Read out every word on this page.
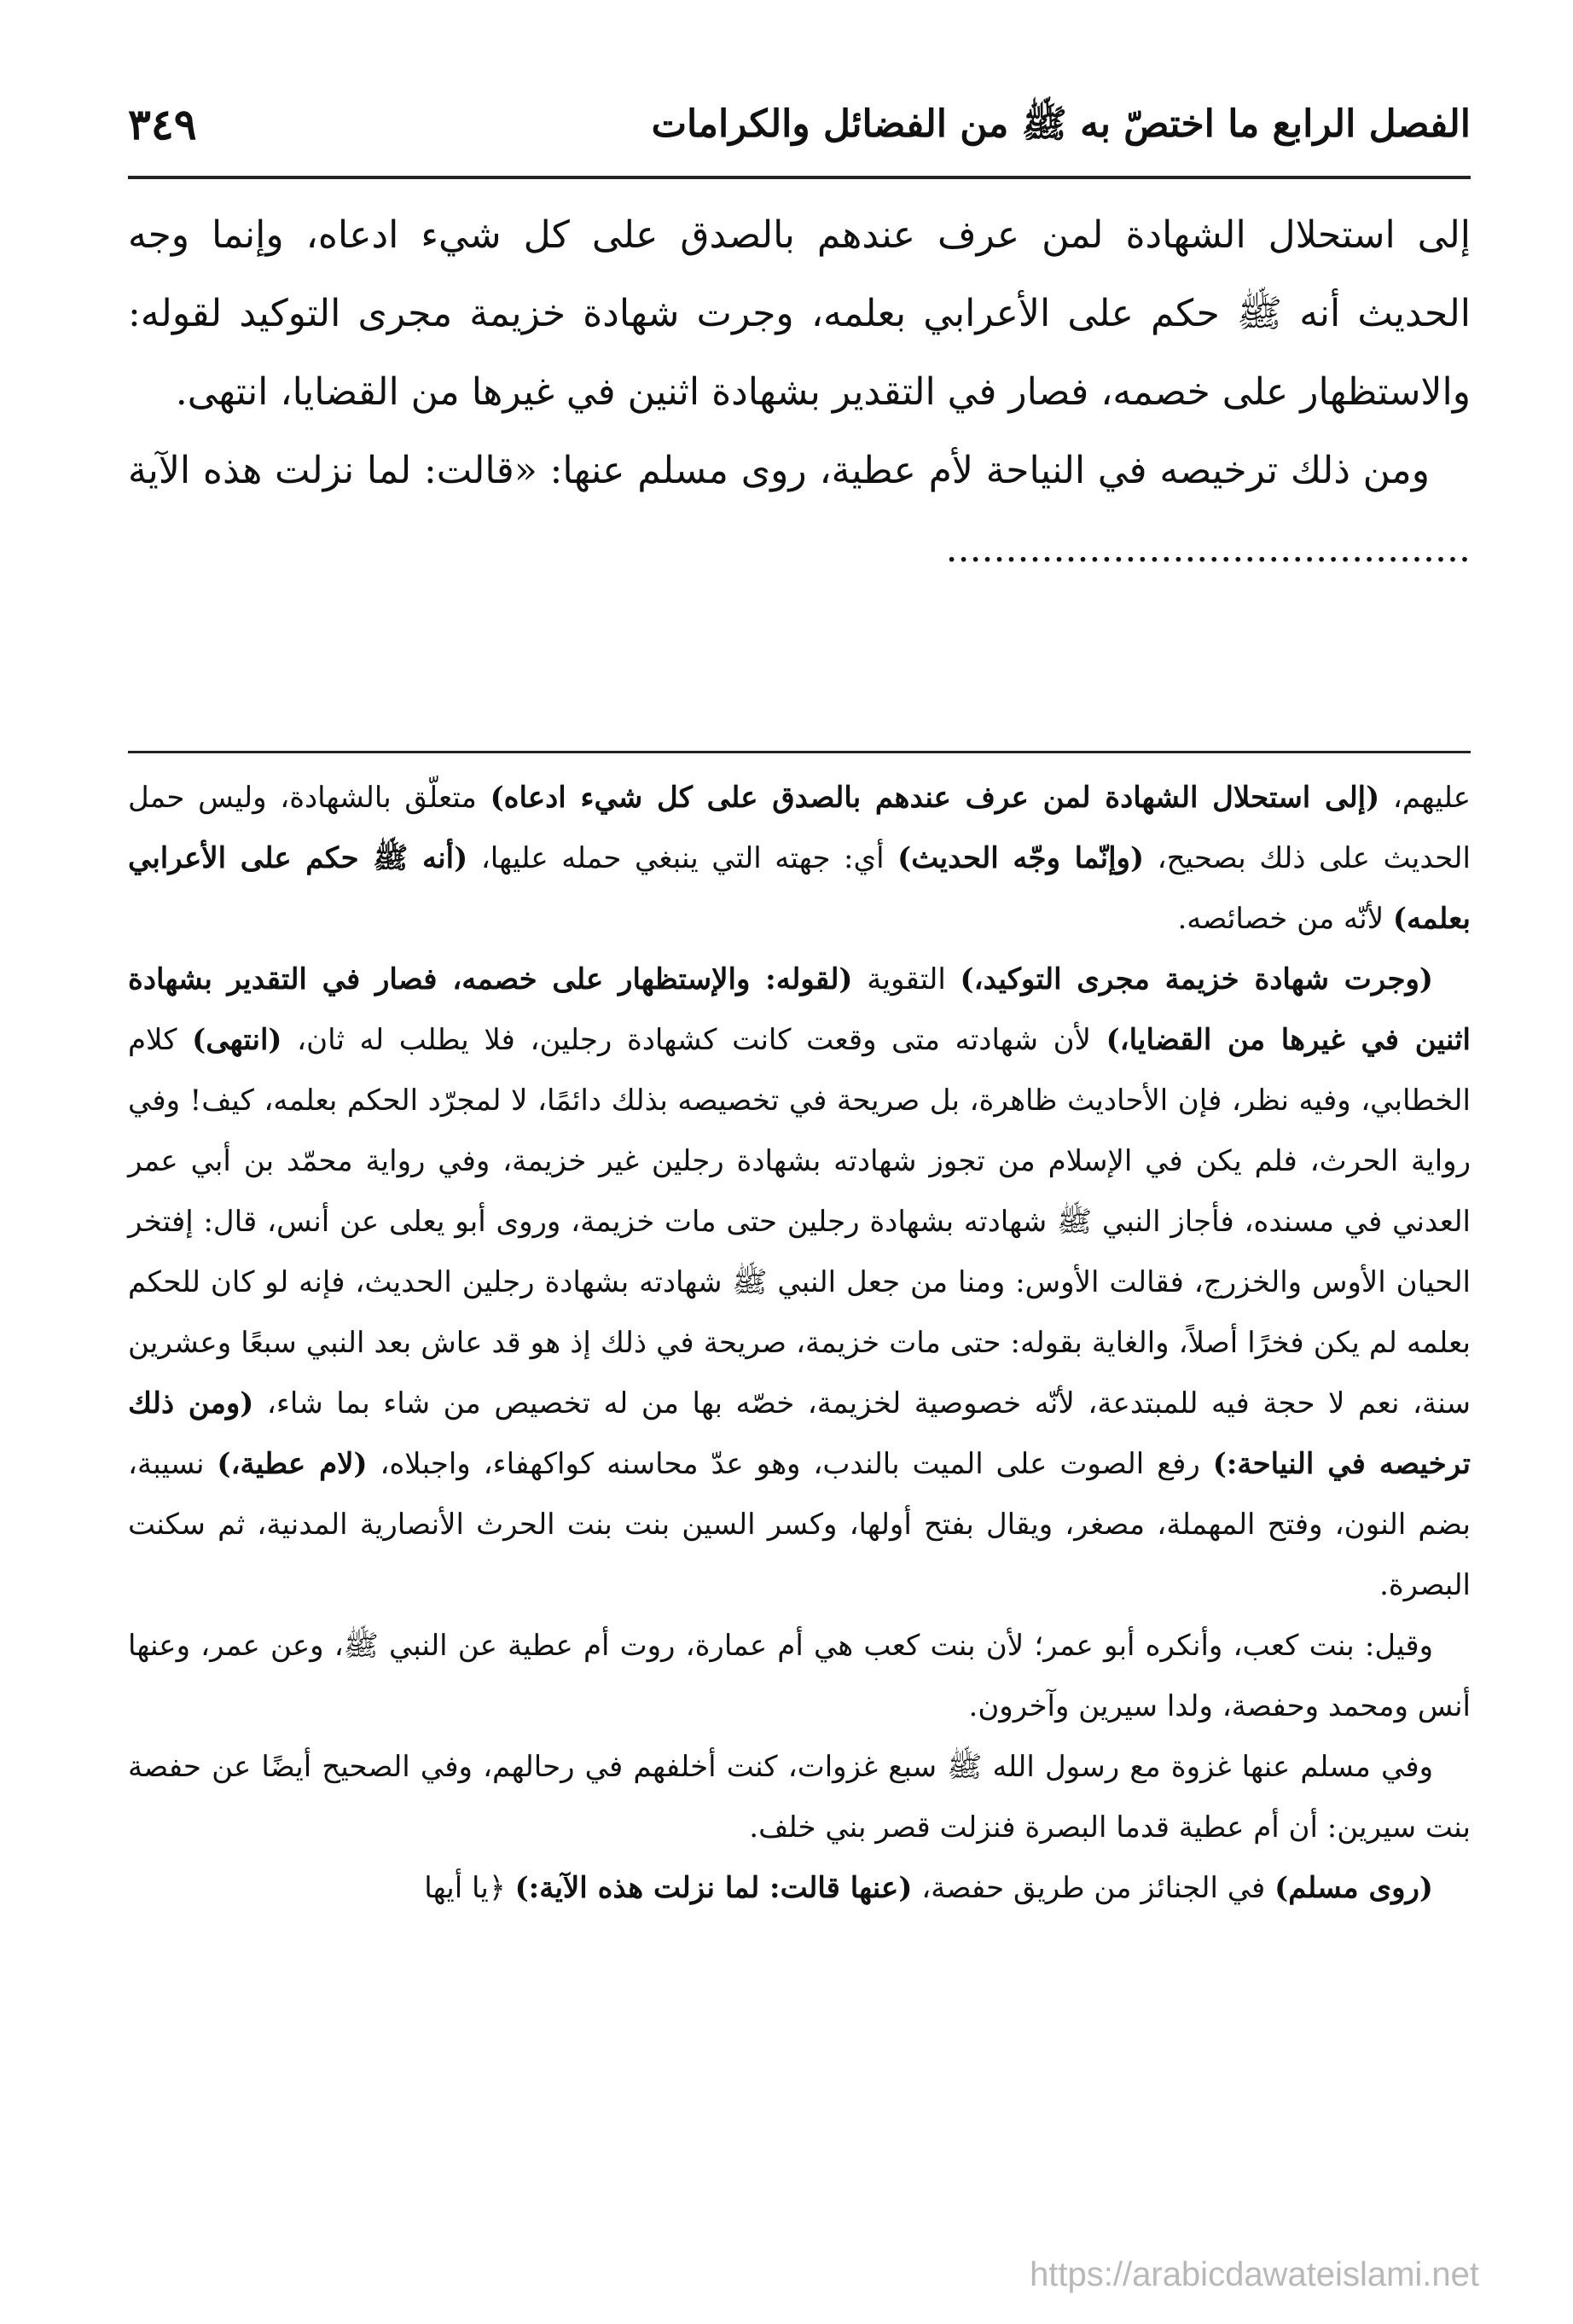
الفصل الرابع ما اختصّ به ﷺ من الفضائل والكرامات
٣٤٩

إلى استحلال الشهادة لمن عرف عندهم بالصدق على كل شيء ادعاه، وإنما وجه الحديث أنه ﷺ حكم على الأعرابي بعلمه، وجرت شهادة خزيمة مجرى التوكيد لقوله: والاستظهار على خصمه، فصار في التقدير بشهادة اثنين في غيرها من القضايا، انتهى.

ومن ذلك ترخيصه في النياحة لأم عطية، روى مسلم عنها: «قالت: لما نزلت هذه الآية ............................................

عليهم، (إلى استحلال الشهادة لمن عرف عندهم بالصدق على كل شيء ادعاه) متعلّق بالشهادة، وليس حمل الحديث على ذلك بصحيح، (وإنّما وجّه الحديث) أي: جهته التي ينبغي حمله عليها، (أنه ﷺ حكم على الأعرابي بعلمه) لأنّه من خصائصه.

(وجرت شهادة خزيمة مجرى التوكيد،) التقوية (لقوله: والإستظهار على خصمه، فصار في التقدير بشهادة اثنين في غيرها من القضايا،) لأن شهادته متى وقعت كانت كشهادة رجلين، فلا يطلب له ثان، (انتهى) كلام الخطابي، وفيه نظر، فإن الأحاديث ظاهرة، بل صريحة في تخصيصه بذلك دائمًا، لا لمجرّد الحكم بعلمه، كيف! وفي رواية الحرث، فلم يكن في الإسلام من تجوز شهادته بشهادة رجلين غير خزيمة، وفي رواية محمّد بن أبي عمر العدني في مسنده، فأجاز النبي ﷺ شهادته بشهادة رجلين حتى مات خزيمة، وروى أبو يعلى عن أنس، قال: إفتخر الحيان الأوس والخزرج، فقالت الأوس: ومنا من جعل النبي ﷺ شهادته بشهادة رجلين الحديث، فإنه لو كان للحكم بعلمه لم يكن فخرًا أصلاً، والغاية بقوله: حتى مات خزيمة، صريحة في ذلك إذ هو قد عاش بعد النبي سبعًا وعشرين سنة، نعم لا حجة فيه للمبتدعة، لأنّه خصوصية لخزيمة، خصّه بها من له تخصيص من شاء بما شاء، (ومن ذلك ترخيصه في النياحة:) رفع الصوت على الميت بالندب، وهو عدّ محاسنه كواكهفاء، واجبلاه، (لام عطية،) نسيبة، بضم النون، وفتح المهملة، مصغر، ويقال بفتح أولها، وكسر السين بنت بنت الحرث الأنصارية المدنية، ثم سكنت البصرة.

وقيل: بنت كعب، وأنكره أبو عمر؛ لأن بنت كعب هي أم عمارة، روت أم عطية عن النبي ﷺ، وعن عمر، وعنها أنس ومحمد وحفصة، ولدا سيرين وآخرون.

وفي مسلم عنها غزوة مع رسول الله ﷺ سبع غزوات، كنت أخلفهم في رحالهم، وفي الصحيح أيضًا عن حفصة بنت سيرين: أن أم عطية قدما البصرة فنزلت قصر بني خلف.

(روى مسلم) في الجنائز من طريق حفصة، (عنها قالت: لما نزلت هذه الآية:) ﴿يا أيها

https://arabicdawateislami.net
